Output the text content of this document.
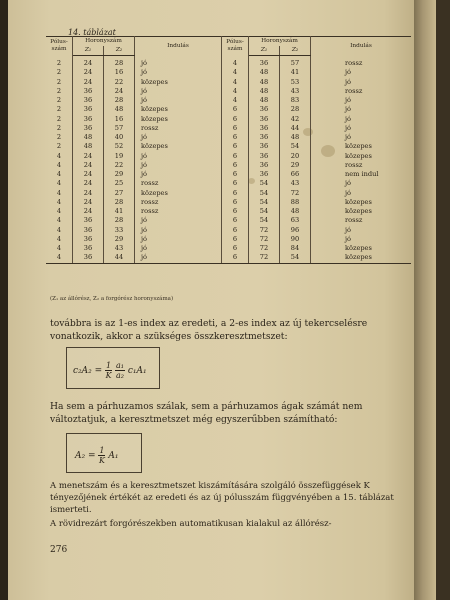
14. táblázat
Pólus-szám	Horonyszám		Indulás	Pólus-szám	Horonyszám		Indulás
	Z₁	Z₂			Z₁	Z₂	
2	24	28	jó	4	36	57	rossz
2	24	16	jó	4	48	41	jó
2	24	22	közepes	4	48	53	jó
2	36	24	jó	4	48	43	rossz
2	36	28	jó	4	48	83	jó
2	36	48	közepes	6	36	28	jó
2	36	16	közepes	6	36	42	jó
2	36	57	rossz	6	36	44	jó
2	48	40	jó	6	36	48	jó
2	48	52	közepes	6	36	54	közepes
4	24	19	jó	6	36	20	közepes
4	24	22	jó	6	36	29	rossz
4	24	29	jó	6	36	66	nem indul
4	24	25	rossz	6	54	43	jó
4	24	27	közepes	6	54	72	jó
4	24	28	rossz	6	54	88	közepes
4	24	41	rossz	6	54	48	közepes
4	36	28	jó	6	54	63	rossz
4	36	33	jó	6	72	96	jó
4	36	29	jó	6	72	90	jó
4	36	43	jó	6	72	84	közepes
4	36	44	jó	6	72	54	közepes
(Z₁ az állórész, Z₂ a forgórész horonyszáma)
továbbra is az 1-es index az eredeti, a 2-es index az új tekercselésre vonatkozik, akkor a szükséges összkeresztmetszet:
$c_2A_2 = \frac{1}{K} \frac{\text{a₁}}{\text{a₂}} c_1A_1$
Ha sem a párhuzamos szálak, sem a párhuzamos ágak számát nem változtatjuk, a keresztmetszet még egyszerűbben számítható:
$A_2 = \frac{1}{K} A_1$
A menetszám és a keresztmetszet kiszámítására szolgáló összefüggések K tényezőjének értékét az eredeti és az új pólusszám függvényében a 15. táblázat ismerteti.
A rövidrezárt forgórészekben automatikusan kialakul az állórész-
276
